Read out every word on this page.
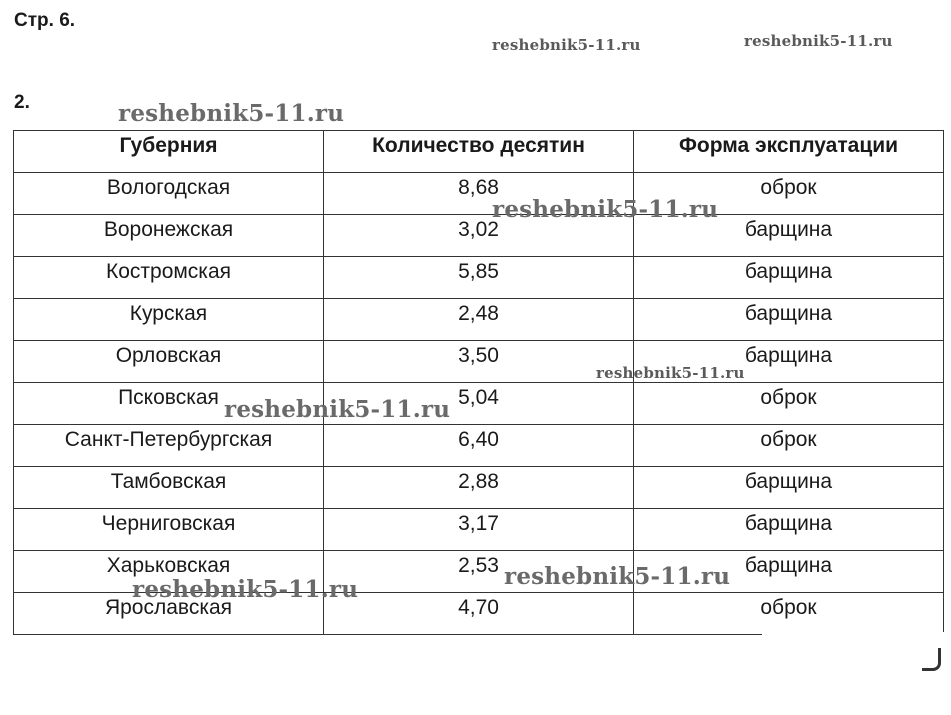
Стр. 6.
2.
Губерния	Количество десятин	Форма эксплуатации
Вологодская	8,68	оброк
Воронежская	3,02	барщина
Костромская	5,85	барщина
Курская	2,48	барщина
Орловская	3,50	барщина
Псковская	5,04	оброк
Санкт-Петербургская	6,40	оброк
Тамбовская	2,88	барщина
Черниговская	3,17	барщина
Харьковская	2,53	барщина
Ярославская	4,70	оброк
reshebnik5-11.ru	reshebnik5-11.ru
reshebnik5-11.ru
reshebnik5-11.ru
reshebnik5-11.ru
reshebnik5-11.ru
reshebnik5-11.ru
reshebnik5-11.ru
